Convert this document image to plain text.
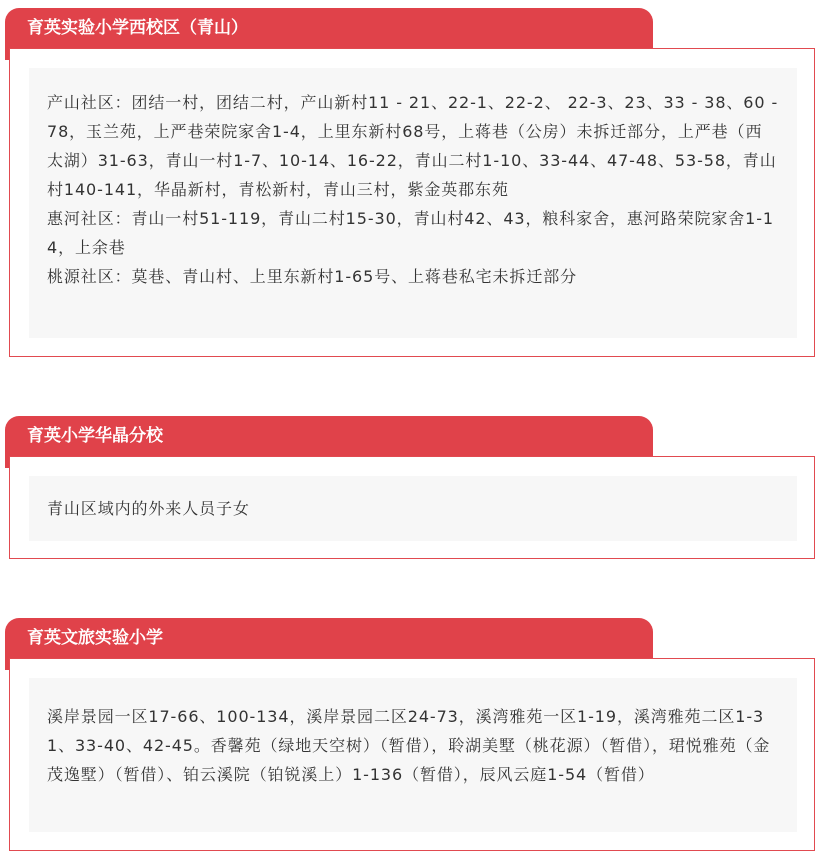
育英实验小学西校区（青山）

产山社区：团结一村，团结二村，产山新村11 - 21、22-1、22-2、 22-3、23、33 - 38、60 - 78，玉兰苑，上严巷荣院家舍1-4，上里东新村68号，上蒋巷（公房）未拆迁部分，上严巷（西太湖）31-63，青山一村1-7、10-14、16-22，青山二村1-10、33-44、47-48、53-58，青山村140-141，华晶新村，青松新村，青山三村，紫金英郡东苑

惠河社区：青山一村51-119，青山二村15-30，青山村42、43，粮科家舍，惠河路荣院家舍1-14，上余巷

桃源社区：莫巷、青山村、上里东新村1-65号、上蒋巷私宅未拆迁部分

育英小学华晶分校

青山区域内的外来人员子女

育英文旅实验小学

溪岸景园一区17-66、100-134，溪岸景园二区24-73，溪湾雅苑一区1-19，溪湾雅苑二区1-31、33-40、42-45。香馨苑（绿地天空树）（暂借），聆湖美墅（桃花源）（暂借），珺悦雅苑（金茂逸墅）（暂借）、铂云溪院（铂锐溪上）1-136（暂借），辰风云庭1-54（暂借）
